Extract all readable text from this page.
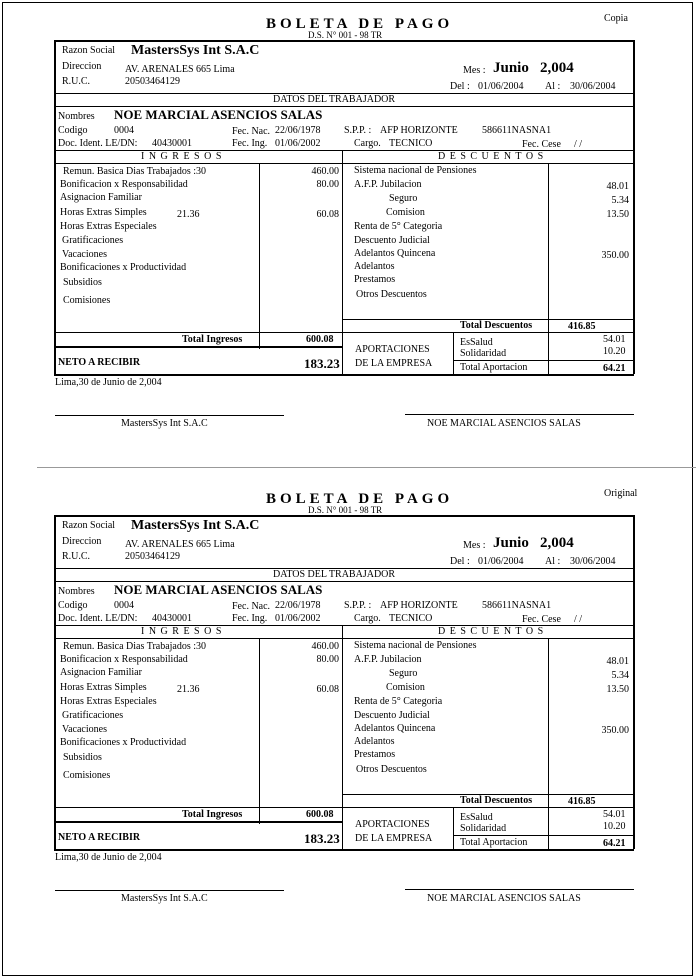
Copia
BOLETA DE PAGO
D.S. N° 001 - 98 TR
Razon Social MastersSys Int S.A.C
Direccion AV. ARENALES 665 Lima
R.U.C.	20503464129
Mes : Junio 2,004
Del : 01/06/2004 Al : 30/06/2004
DATOS DEL TRABAJADOR
Nombres NOE MARCIAL ASENCIOS SALAS
Codigo	0004	Fec. Nac. 22/06/1978 S.P.P. : AFP HORIZONTE 586611NASNA1
Doc. Ident. LE/DN: 40430001	Fec. Ing. 01/06/2002	Cargo. TECNICO	Fec. Cese / /
I N G R E S O S	D E S C U E N T O S
Remun. Basica Dias Trabajados :30	460.00
Bonificacion x Responsabilidad	80.00
Asignacion Familiar
Horas Extras Simples	21.36	60.08
Horas Extras Especiales
Gratificaciones
Vacaciones
Bonificaciones x Productividad
Subsidios
Comisiones
Sistema nacional de Pensiones
A.F.P. Jubilacion	48.01
Seguro	5.34
Comision	13.50
Renta de 5° Categoria
Descuento Judicial
Adelantos Quincena	350.00
Adelantos
Prestamos
Otros Descuentos
Total Descuentos	416.85
Total Ingresos	600.08
NETO A RECIBIR	183.23
APORTACIONES
DE LA EMPRESA
EsSalud	54.01
Solidaridad	10.20
Total Aportacion	64.21
Lima,30 de Junio de 2,004
MastersSys Int S.A.C	NOE MARCIAL ASENCIOS SALAS
Original
BOLETA DE PAGO
D.S. N° 001 - 98 TR
Razon Social MastersSys Int S.A.C
Direccion AV. ARENALES 665 Lima
R.U.C.	20503464129
Mes : Junio 2,004
Del : 01/06/2004 Al : 30/06/2004
DATOS DEL TRABAJADOR
Nombres NOE MARCIAL ASENCIOS SALAS
Codigo	0004	Fec. Nac. 22/06/1978 S.P.P. : AFP HORIZONTE 586611NASNA1
Doc. Ident. LE/DN: 40430001	Fec. Ing. 01/06/2002	Cargo. TECNICO	Fec. Cese / /
I N G R E S O S	D E S C U E N T O S
Remun. Basica Dias Trabajados :30	460.00
Bonificacion x Responsabilidad	80.00
Asignacion Familiar
Horas Extras Simples	21.36	60.08
Horas Extras Especiales
Gratificaciones
Vacaciones
Bonificaciones x Productividad
Subsidios
Comisiones
Sistema nacional de Pensiones
A.F.P. Jubilacion	48.01
Seguro	5.34
Comision	13.50
Renta de 5° Categoria
Descuento Judicial
Adelantos Quincena	350.00
Adelantos
Prestamos
Otros Descuentos
Total Descuentos	416.85
Total Ingresos	600.08
NETO A RECIBIR	183.23
APORTACIONES
DE LA EMPRESA
EsSalud	54.01
Solidaridad	10.20
Total Aportacion	64.21
Lima,30 de Junio de 2,004
MastersSys Int S.A.C	NOE MARCIAL ASENCIOS SALAS
